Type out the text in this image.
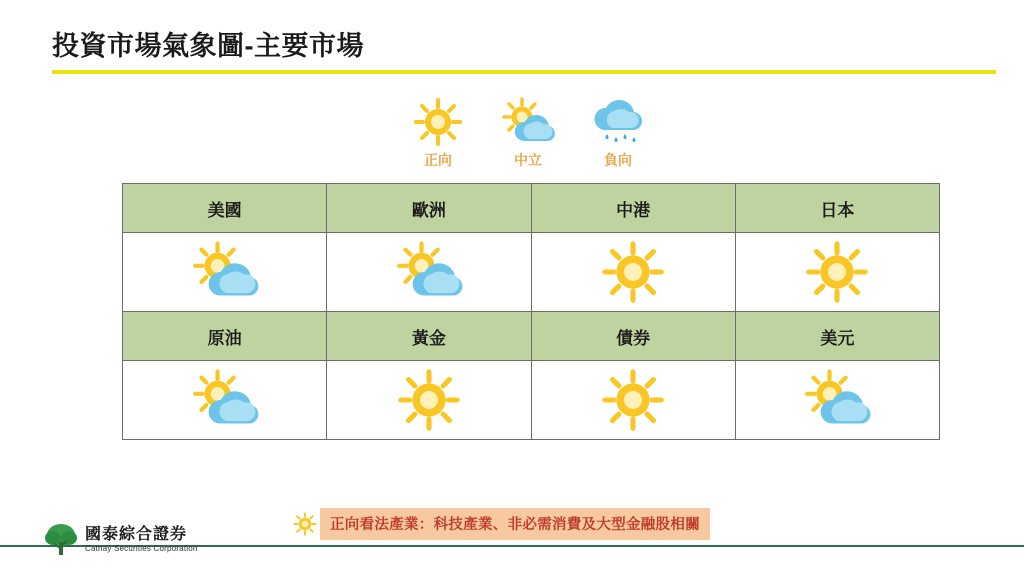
投資市場氣象圖-主要市場
正向	中立	負向
美國	歐洲	中港	日本

原油	黃金	債券	美元

正向看法產業：科技產業、非必需消費及大型金融股相關
國泰綜合證券
Cathay Securities Corporation
